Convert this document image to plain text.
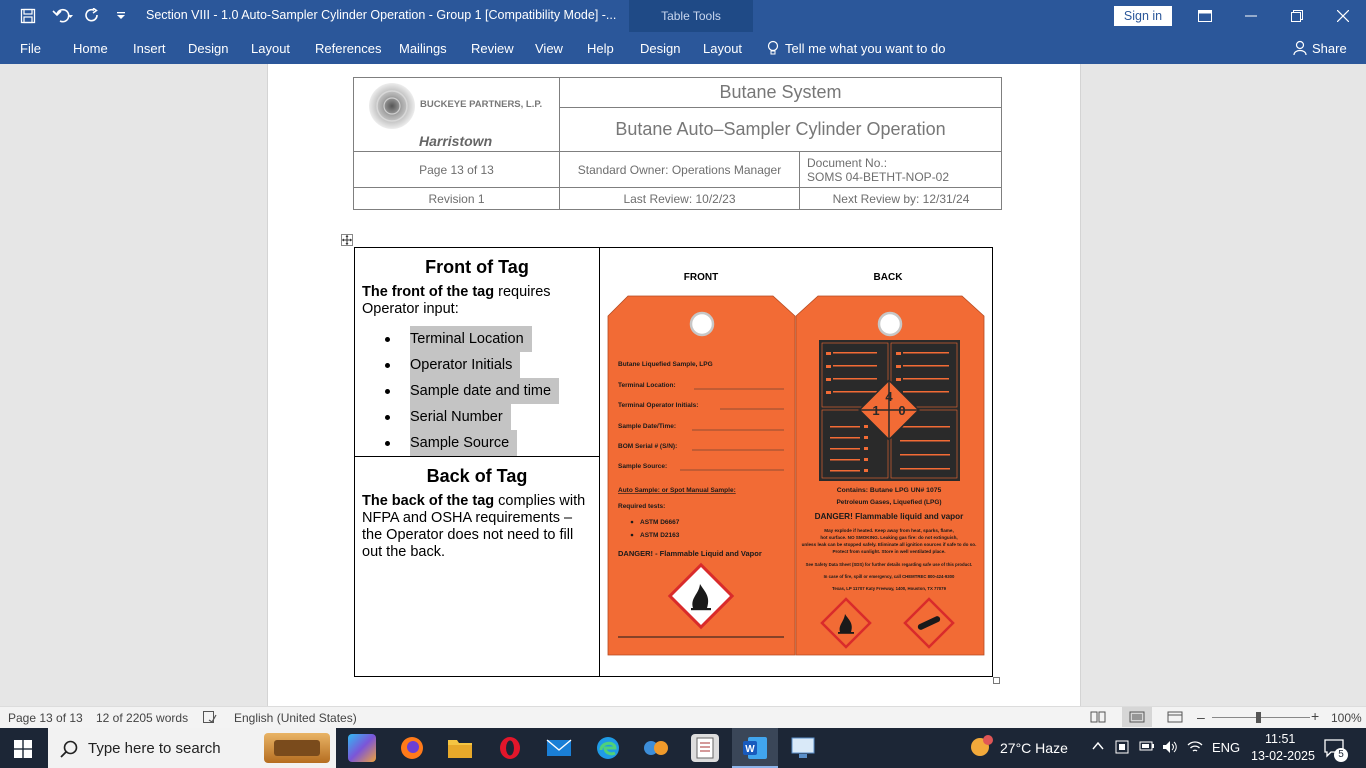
Section VIII - 1.0 Auto-Sampler Cylinder Operation - Group 1 [Compatibility Mode] -...	Table Tools	Sign in
File Home Insert Design Layout References Mailings Review View Help Design Layout	Tell me what you want to do	Share
BUCKEYE PARTNERS, L.P.
Harristown
Butane System
Butane Auto–Sampler Cylinder Operation
Page 13 of 13	Standard Owner: Operations Manager	Document No.:
SOMS 04-BETHT-NOP-02
Revision 1	Last Review: 10/2/23	Next Review by: 12/31/24
Front of Tag
The front of the tag requires Operator input:
Terminal Location
Operator Initials
Sample date and time
Serial Number
Sample Source
Back of Tag
The back of the tag complies with NFPA and OSHA requirements – the Operator does not need to fill out the back.
FRONT	BACK
Butane Liquefied Sample, LPG
Terminal Location:
Terminal Operator Initials:
Sample Date/Time:
BOM Serial # (S/N):
Sample Source:
Auto Sample: or Spot Manual Sample:
Required tests:
ASTM D6667
ASTM D2163
DANGER! - Flammable Liquid and Vapor
4
1 0
Contains: Butane LPG UN# 1075
Petroleum Gases, Liquefied (LPG)
DANGER! Flammable liquid and vapor
May explode if heated. Keep away from heat, sparks, flame,
hot surface. NO SMOKING. Leaking gas fire: do not extinguish,
unless leak can be stopped safely. Eliminate all ignition sources if safe to do so.
Protect from sunlight. Store in well ventilated place.
See Safety Data Sheet (SDS) for further details regarding safe use of this product.
In case of fire, spill or emergency, call CHEMTREC 800-424-9300
Texas, LP 11707 Katy Freeway, 1400, Houston, TX 77079
Page 13 of 13 12 of 2205 words	English (United States)	–	+ 100%
Type here to search	W	27°C Haze	ENG
11:51
13-02-2025	5
